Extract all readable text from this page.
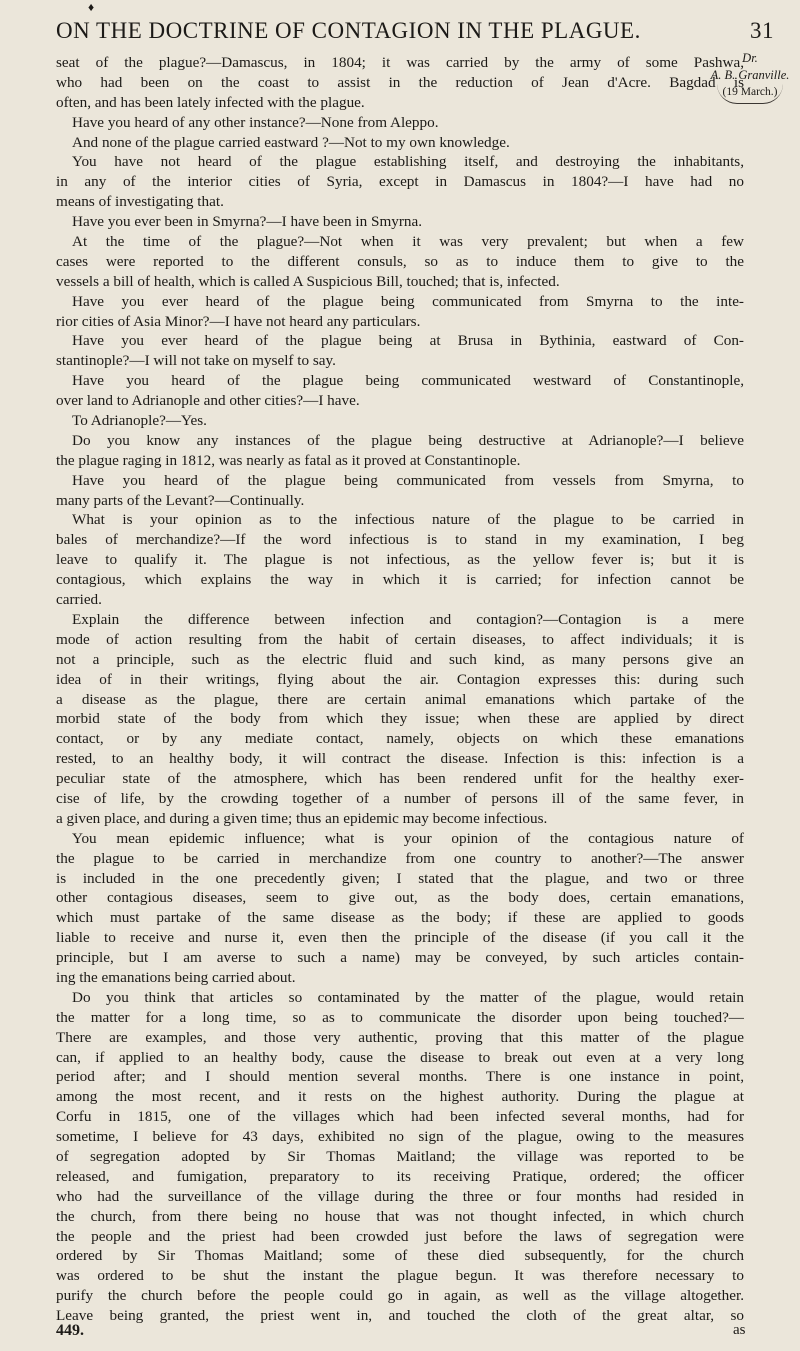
♦
ON THE DOCTRINE OF CONTAGION IN THE PLAGUE.	31
Dr.
A. B. Granville.
(19 March.)
seat of the plague?—Damascus, in 1804; it was carried by the army of some Pashwa,
who had been on the coast to assist in the reduction of Jean d'Acre. Bagdad is
often, and has been lately infected with the plague.
Have you heard of any other instance?—None from Aleppo.
And none of the plague carried eastward ?—Not to my own knowledge.
You have not heard of the plague establishing itself, and destroying the inhabitants,
in any of the interior cities of Syria, except in Damascus in 1804?—I have had no
means of investigating that.
Have you ever been in Smyrna?—I have been in Smyrna.
At the time of the plague?—Not when it was very prevalent; but when a few
cases were reported to the different consuls, so as to induce them to give to the
vessels a bill of health, which is called A Suspicious Bill, touched; that is, infected.
Have you ever heard of the plague being communicated from Smyrna to the inte-
rior cities of Asia Minor?—I have not heard any particulars.
Have you ever heard of the plague being at Brusa in Bythinia, eastward of Con-
stantinople?—I will not take on myself to say.
Have you heard of the plague being communicated westward of Constantinople,
over land to Adrianople and other cities?—I have.
To Adrianople?—Yes.
Do you know any instances of the plague being destructive at Adrianople?—I believe
the plague raging in 1812, was nearly as fatal as it proved at Constantinople.
Have you heard of the plague being communicated from vessels from Smyrna, to
many parts of the Levant?—Continually.
What is your opinion as to the infectious nature of the plague to be carried in
bales of merchandize?—If the word infectious is to stand in my examination, I beg
leave to qualify it. The plague is not infectious, as the yellow fever is; but it is
contagious, which explains the way in which it is carried; for infection cannot be
carried.
Explain the difference between infection and contagion?—Contagion is a mere
mode of action resulting from the habit of certain diseases, to affect individuals; it is
not a principle, such as the electric fluid and such kind, as many persons give an
idea of in their writings, flying about the air. Contagion expresses this: during such
a disease as the plague, there are certain animal emanations which partake of the
morbid state of the body from which they issue; when these are applied by direct
contact, or by any mediate contact, namely, objects on which these emanations
rested, to an healthy body, it will contract the disease. Infection is this: infection is a
peculiar state of the atmosphere, which has been rendered unfit for the healthy exer-
cise of life, by the crowding together of a number of persons ill of the same fever, in
a given place, and during a given time; thus an epidemic may become infectious.
You mean epidemic influence; what is your opinion of the contagious nature of
the plague to be carried in merchandize from one country to another?—The answer
is included in the one precedently given; I stated that the plague, and two or three
other contagious diseases, seem to give out, as the body does, certain emanations,
which must partake of the same disease as the body; if these are applied to goods
liable to receive and nurse it, even then the principle of the disease (if you call it the
principle, but I am averse to such a name) may be conveyed, by such articles contain-
ing the emanations being carried about.
Do you think that articles so contaminated by the matter of the plague, would retain
the matter for a long time, so as to communicate the disorder upon being touched?—
There are examples, and those very authentic, proving that this matter of the plague
can, if applied to an healthy body, cause the disease to break out even at a very long
period after; and I should mention several months. There is one instance in point,
among the most recent, and it rests on the highest authority. During the plague at
Corfu in 1815, one of the villages which had been infected several months, had for
sometime, I believe for 43 days, exhibited no sign of the plague, owing to the measures
of segregation adopted by Sir Thomas Maitland; the village was reported to be
released, and fumigation, preparatory to its receiving Pratique, ordered; the officer
who had the surveillance of the village during the three or four months had resided in
the church, from there being no house that was not thought infected, in which church
the people and the priest had been crowded just before the laws of segregation were
ordered by Sir Thomas Maitland; some of these died subsequently, for the church
was ordered to be shut the instant the plague begun. It was therefore necessary to
purify the church before the people could go in again, as well as the village altogether.
Leave being granted, the priest went in, and touched the cloth of the great altar, so
449.	as
